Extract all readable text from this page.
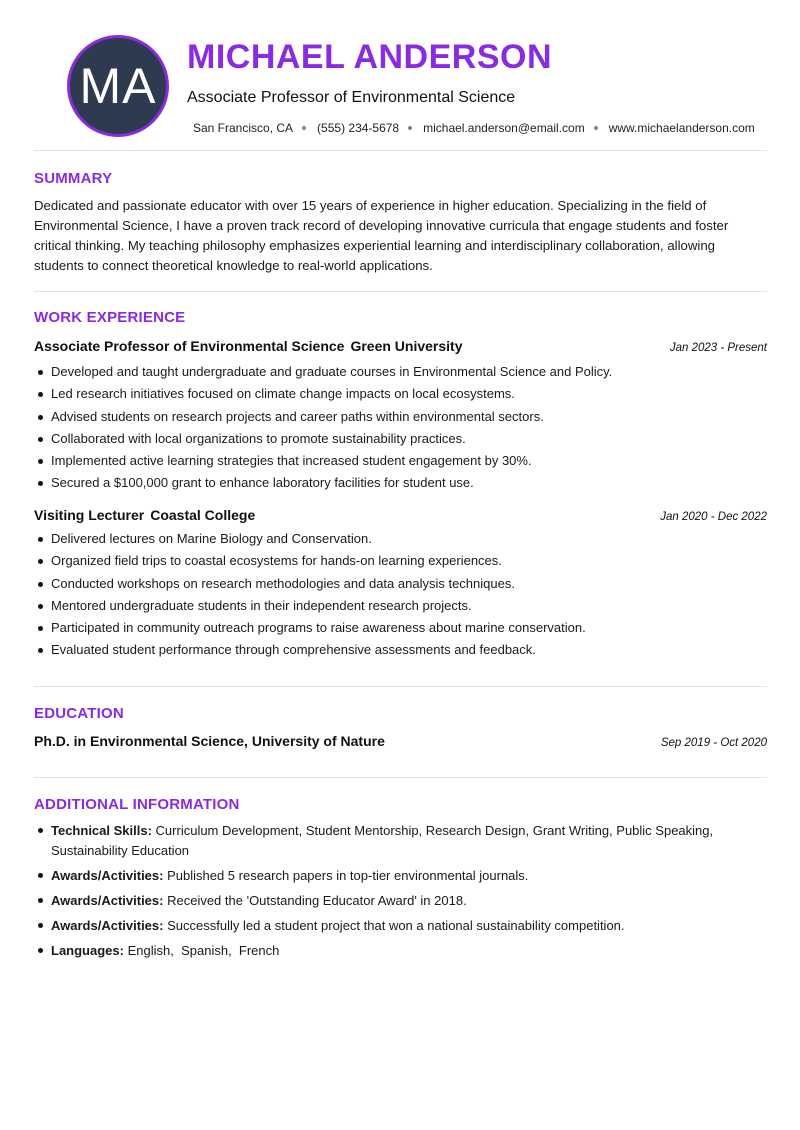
MA
MICHAEL ANDERSON
Associate Professor of Environmental Science
San Francisco, CA (555) 234-5678 michael.anderson@email.com www.michaelanderson.com
SUMMARY
Dedicated and passionate educator with over 15 years of experience in higher education. Specializing in the field of Environmental Science, I have a proven track record of developing innovative curricula that engage students and foster critical thinking. My teaching philosophy emphasizes experiential learning and interdisciplinary collaboration, allowing students to connect theoretical knowledge to real-world applications.
WORK EXPERIENCE
Associate Professor of Environmental Science Green University	Jan 2023 - Present
Developed and taught undergraduate and graduate courses in Environmental Science and Policy.
Led research initiatives focused on climate change impacts on local ecosystems.
Advised students on research projects and career paths within environmental sectors.
Collaborated with local organizations to promote sustainability practices.
Implemented active learning strategies that increased student engagement by 30%.
Secured a $100,000 grant to enhance laboratory facilities for student use.
Visiting Lecturer Coastal College	Jan 2020 - Dec 2022
Delivered lectures on Marine Biology and Conservation.
Organized field trips to coastal ecosystems for hands-on learning experiences.
Conducted workshops on research methodologies and data analysis techniques.
Mentored undergraduate students in their independent research projects.
Participated in community outreach programs to raise awareness about marine conservation.
Evaluated student performance through comprehensive assessments and feedback.
EDUCATION
Ph.D. in Environmental Science, University of Nature	Sep 2019 - Oct 2020
ADDITIONAL INFORMATION
Technical Skills: Curriculum Development, Student Mentorship, Research Design, Grant Writing, Public Speaking, Sustainability Education
Awards/Activities: Published 5 research papers in top-tier environmental journals.
Awards/Activities: Received the 'Outstanding Educator Award' in 2018.
Awards/Activities: Successfully led a student project that won a national sustainability competition.
Languages: English , Spanish , French
